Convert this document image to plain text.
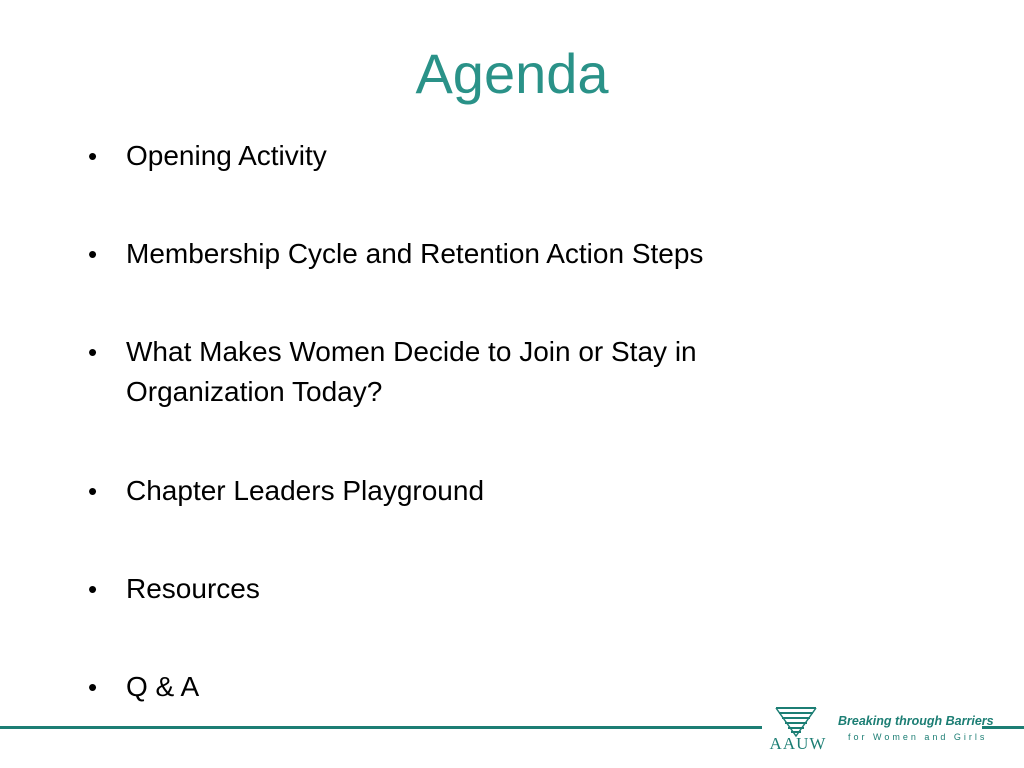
Agenda
•	Opening Activity
•	Membership Cycle and Retention Action Steps
•	What Makes Women Decide to Join or Stay in Organization Today?
•	Chapter Leaders Playground
•	Resources
•	Q & A
AAUW
Breaking through Barriers
for Women and Girls
